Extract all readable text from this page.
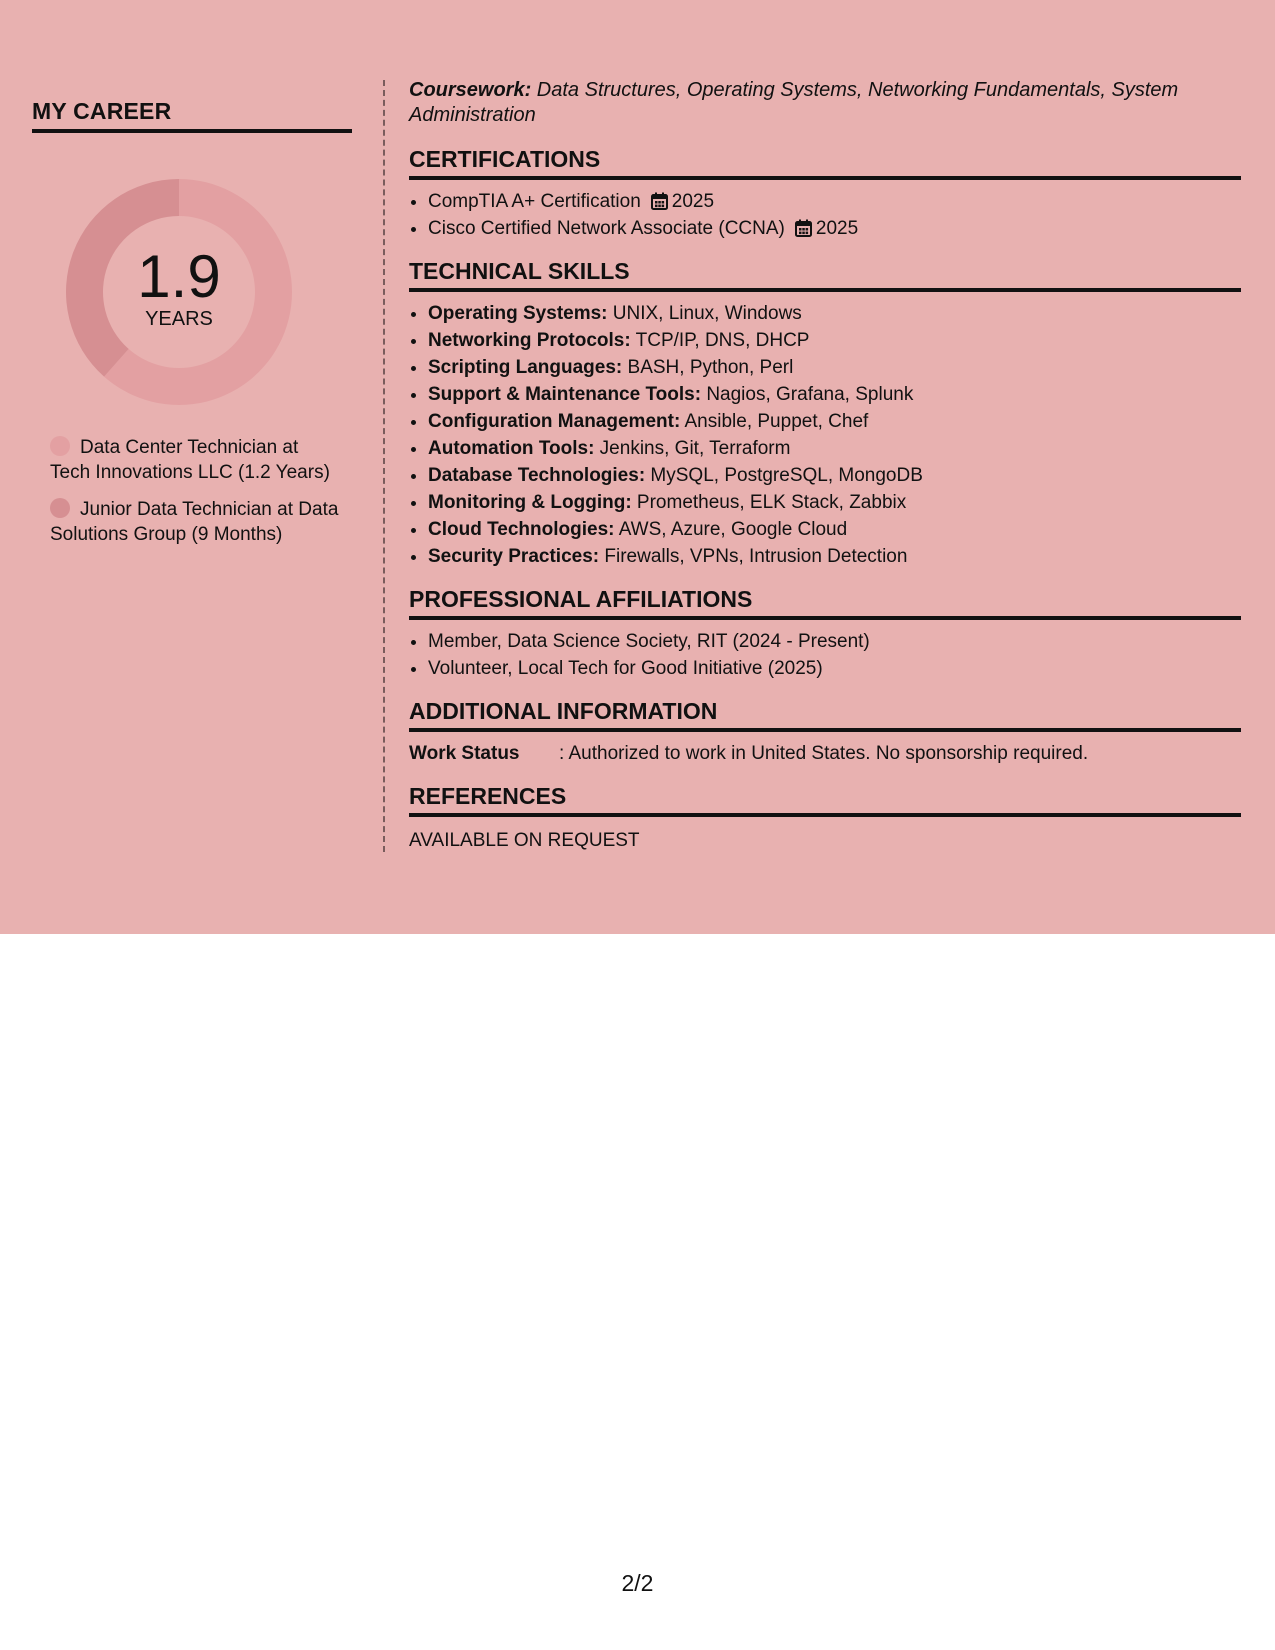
MY CAREER
1.9
YEARS
Data Center Technician at Tech Innovations LLC (1.2 Years)
Junior Data Technician at Data Solutions Group (9 Months)

Coursework: Data Structures, Operating Systems, Networking Fundamentals, System Administration

CERTIFICATIONS
• CompTIA A+ Certification 2025
• Cisco Certified Network Associate (CCNA) 2025
TECHNICAL SKILLS
• Operating Systems: UNIX, Linux, Windows
• Networking Protocols: TCP/IP, DNS, DHCP
• Scripting Languages: BASH, Python, Perl
• Support & Maintenance Tools: Nagios, Grafana, Splunk
• Configuration Management: Ansible, Puppet, Chef
• Automation Tools: Jenkins, Git, Terraform
• Database Technologies: MySQL, PostgreSQL, MongoDB
• Monitoring & Logging: Prometheus, ELK Stack, Zabbix
• Cloud Technologies: AWS, Azure, Google Cloud
• Security Practices: Firewalls, VPNs, Intrusion Detection
PROFESSIONAL AFFILIATIONS
• Member, Data Science Society, RIT (2024 - Present)
• Volunteer, Local Tech for Good Initiative (2025)
ADDITIONAL INFORMATION
Work Status : Authorized to work in United States. No sponsorship required.
REFERENCES

AVAILABLE ON REQUEST

2/2
